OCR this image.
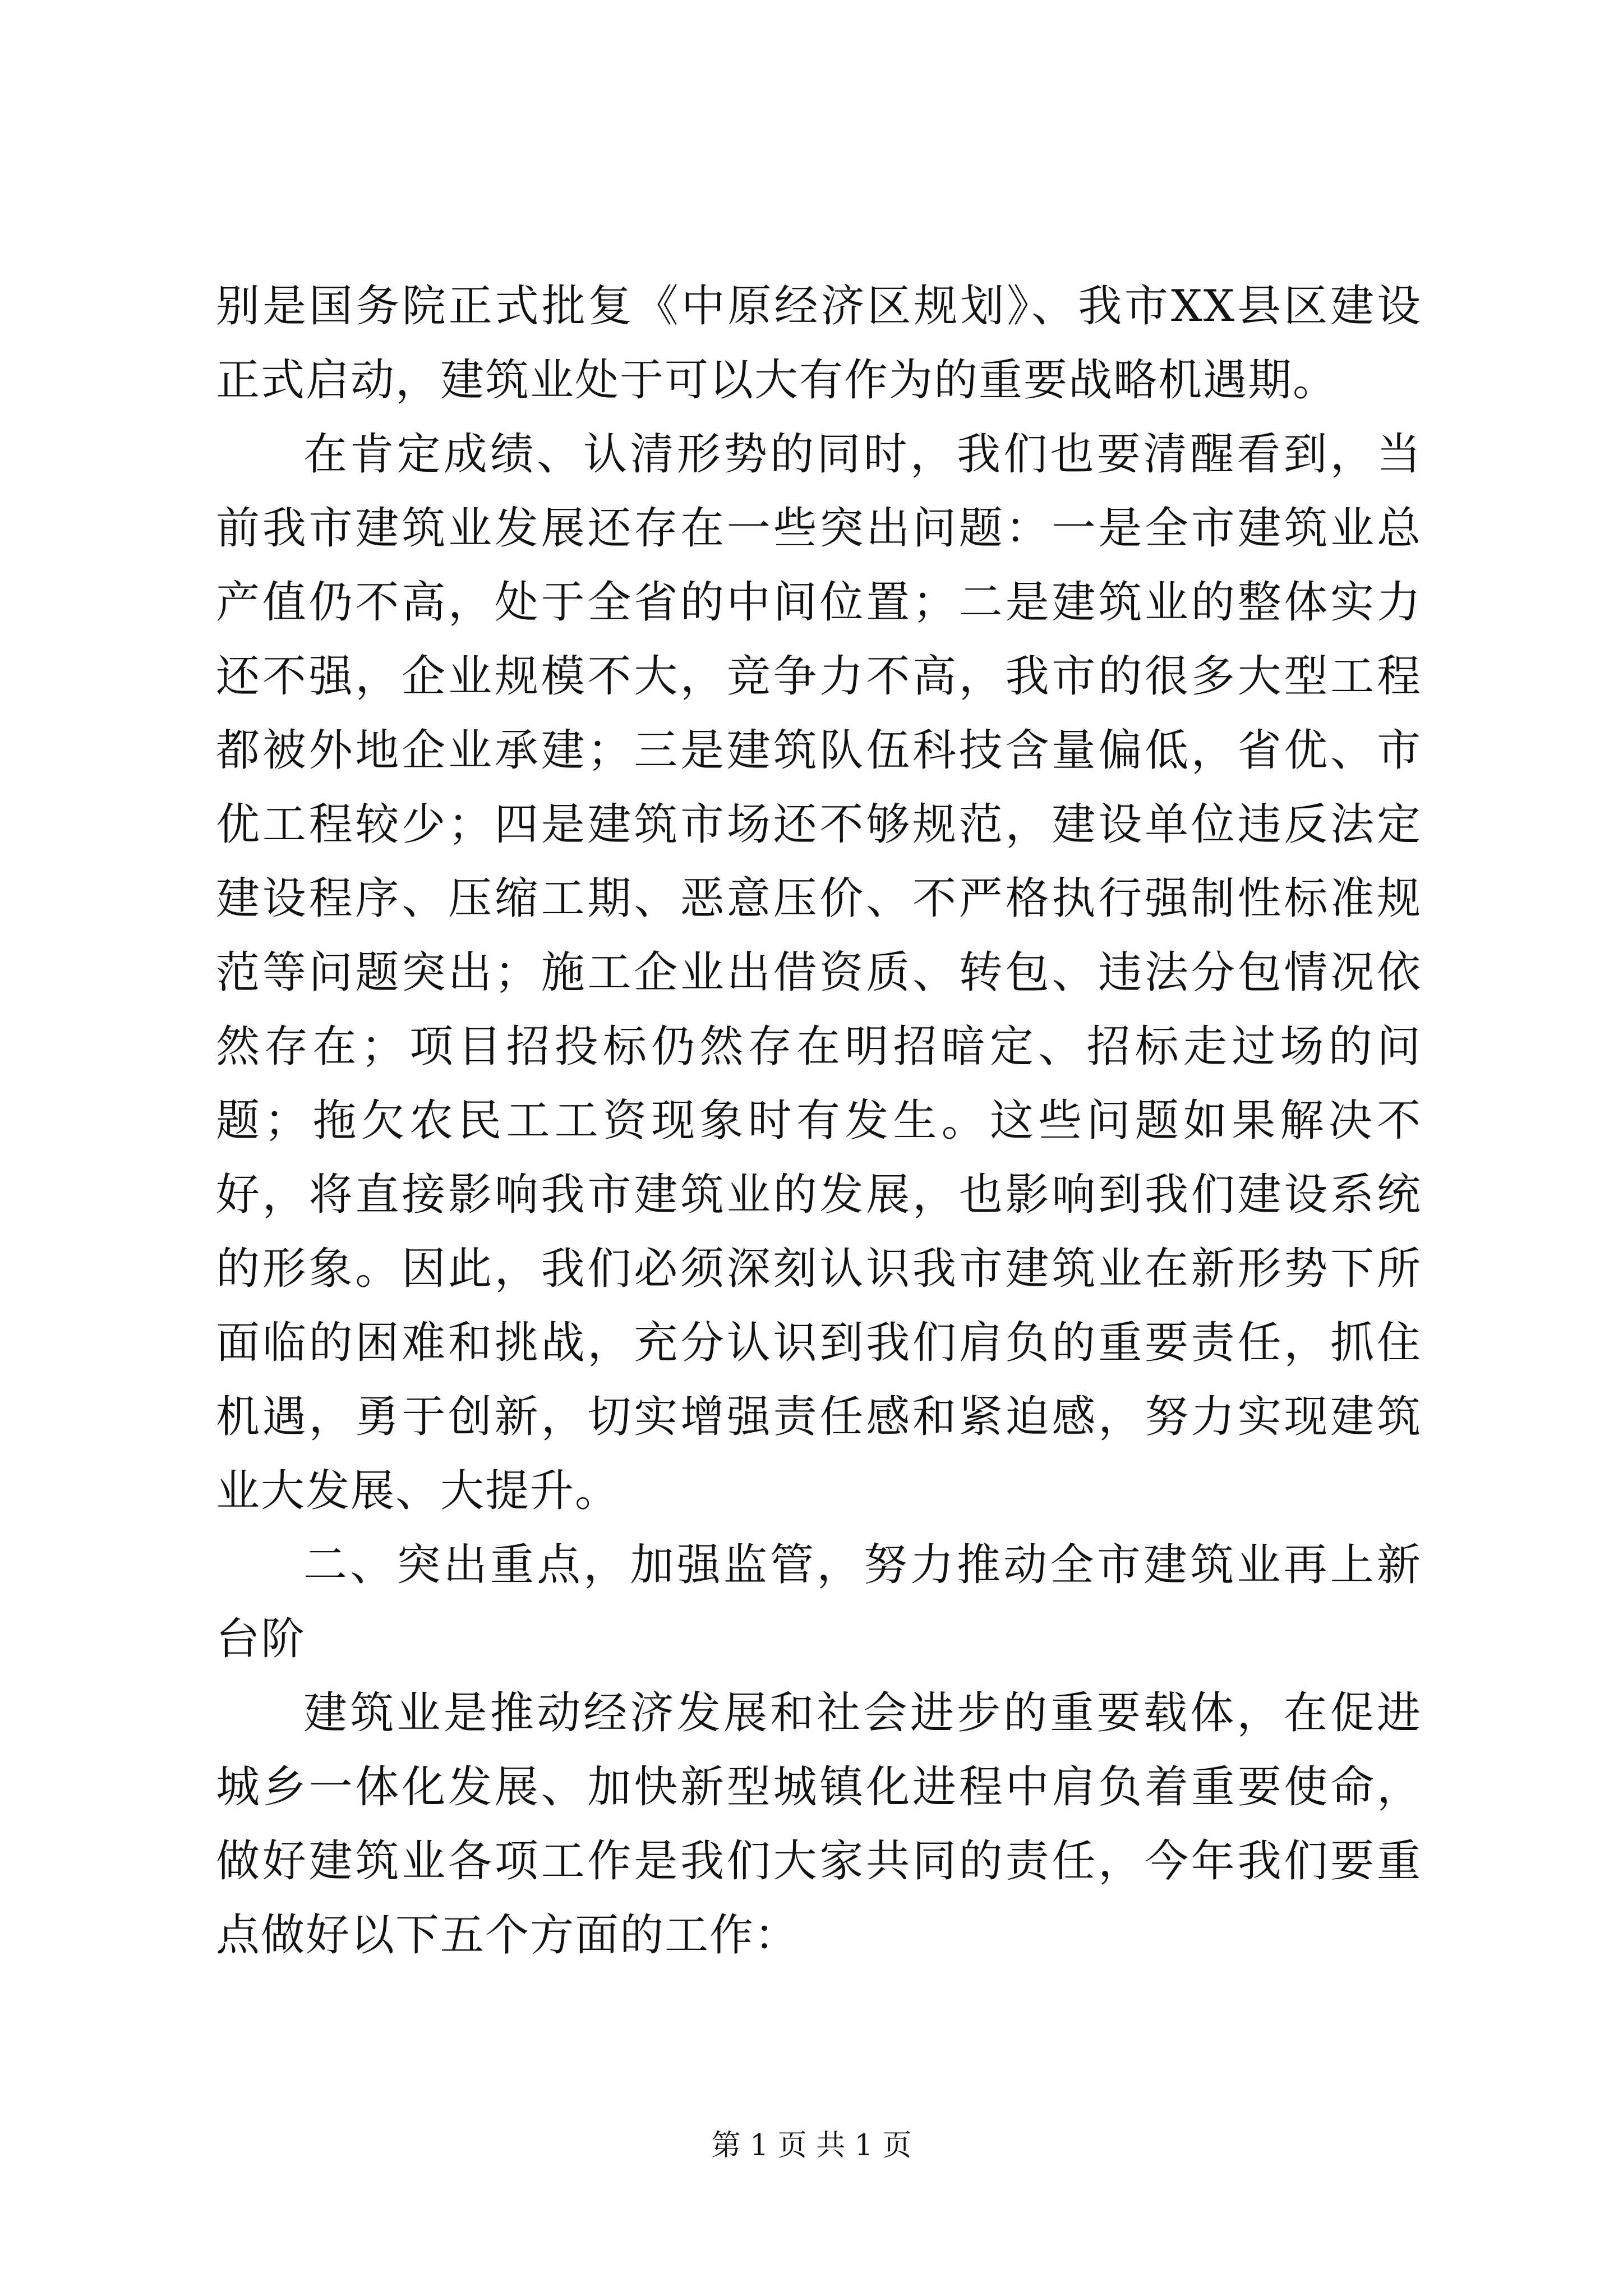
别是国务院正式批复《中原经济区规划》、我市XX县区建设正式启动，建筑业处于可以大有作为的重要战略机遇期。

在肯定成绩、认清形势的同时，我们也要清醒看到，当前我市建筑业发展还存在一些突出问题：一是全市建筑业总产值仍不高，处于全省的中间位置；二是建筑业的整体实力还不强，企业规模不大，竞争力不高，我市的很多大型工程都被外地企业承建；三是建筑队伍科技含量偏低，省优、市优工程较少；四是建筑市场还不够规范，建设单位违反法定建设程序、压缩工期、恶意压价、不严格执行强制性标准规范等问题突出；施工企业出借资质、转包、违法分包情况依然存在；项目招投标仍然存在明招暗定、招标走过场的问题；拖欠农民工工资现象时有发生。这些问题如果解决不好，将直接影响我市建筑业的发展，也影响到我们建设系统的形象。因此，我们必须深刻认识我市建筑业在新形势下所面临的困难和挑战，充分认识到我们肩负的重要责任，抓住机遇，勇于创新，切实增强责任感和紧迫感，努力实现建筑业大发展、大提升。

二、突出重点，加强监管，努力推动全市建筑业再上新台阶

建筑业是推动经济发展和社会进步的重要载体，在促进城乡一体化发展、加快新型城镇化进程中肩负着重要使命，做好建筑业各项工作是我们大家共同的责任，今年我们要重点做好以下五个方面的工作：

第 1 页 共 1 页
